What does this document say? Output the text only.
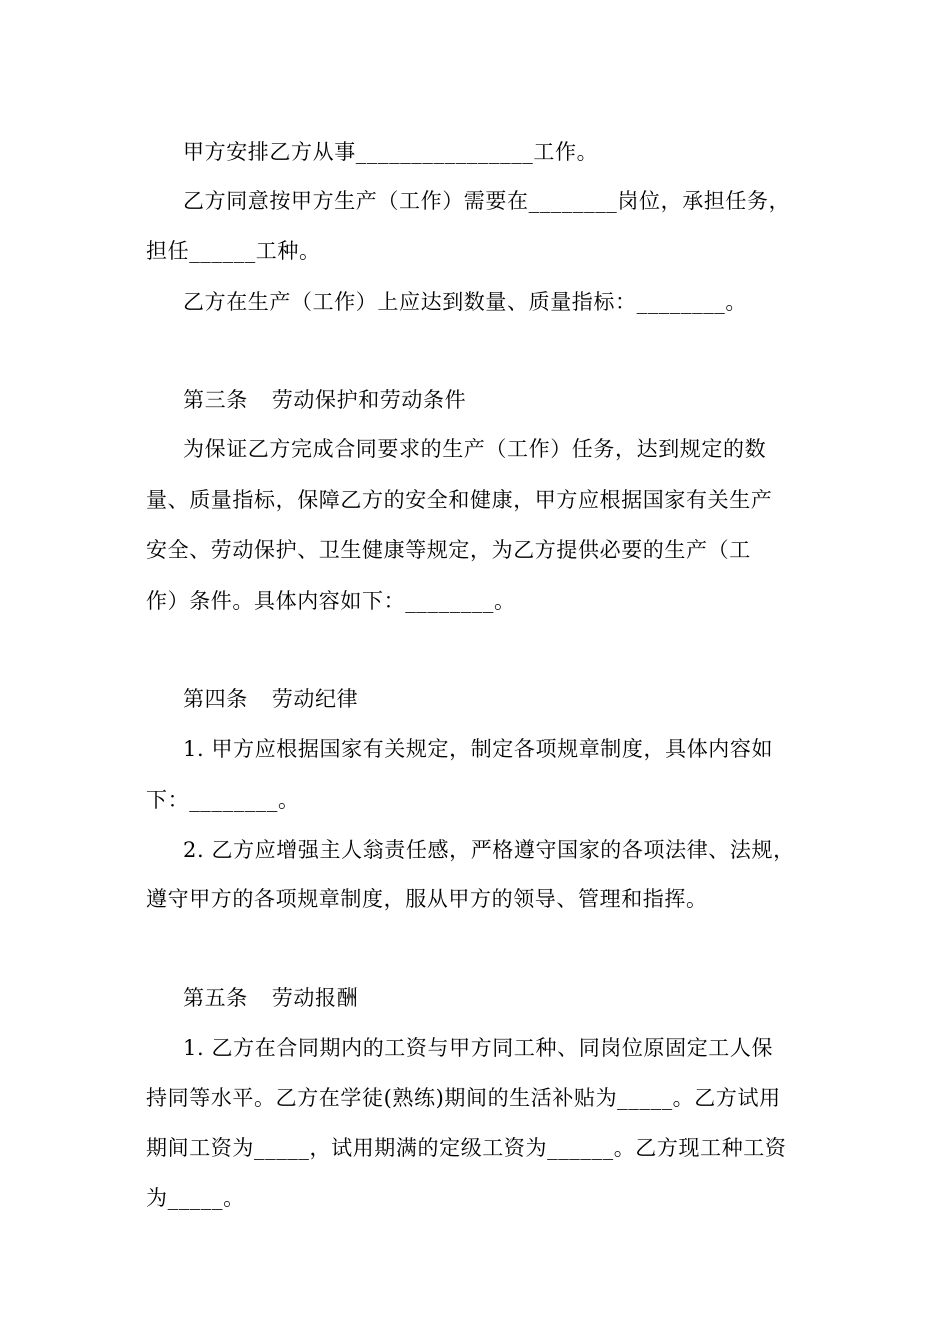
甲方安排乙方从事________________工作。
乙方同意按甲方生产（工作）需要在________岗位，承担任务，
担任______工种。
乙方在生产（工作）上应达到数量、质量指标：________。
第三条 劳动保护和劳动条件
为保证乙方完成合同要求的生产（工作）任务，达到规定的数
量、质量指标，保障乙方的安全和健康，甲方应根据国家有关生产
安全、劳动保护、卫生健康等规定，为乙方提供必要的生产（工
作）条件。具体内容如下：________。
第四条 劳动纪律
1. 甲方应根据国家有关规定，制定各项规章制度，具体内容如
下：________。
2. 乙方应增强主人翁责任感，严格遵守国家的各项法律、法规，
遵守甲方的各项规章制度，服从甲方的领导、管理和指挥。
第五条 劳动报酬
1. 乙方在合同期内的工资与甲方同工种、同岗位原固定工人保
持同等水平。乙方在学徒(熟练)期间的生活补贴为_____。乙方试用
期间工资为_____，试用期满的定级工资为______。乙方现工种工资
为_____。
